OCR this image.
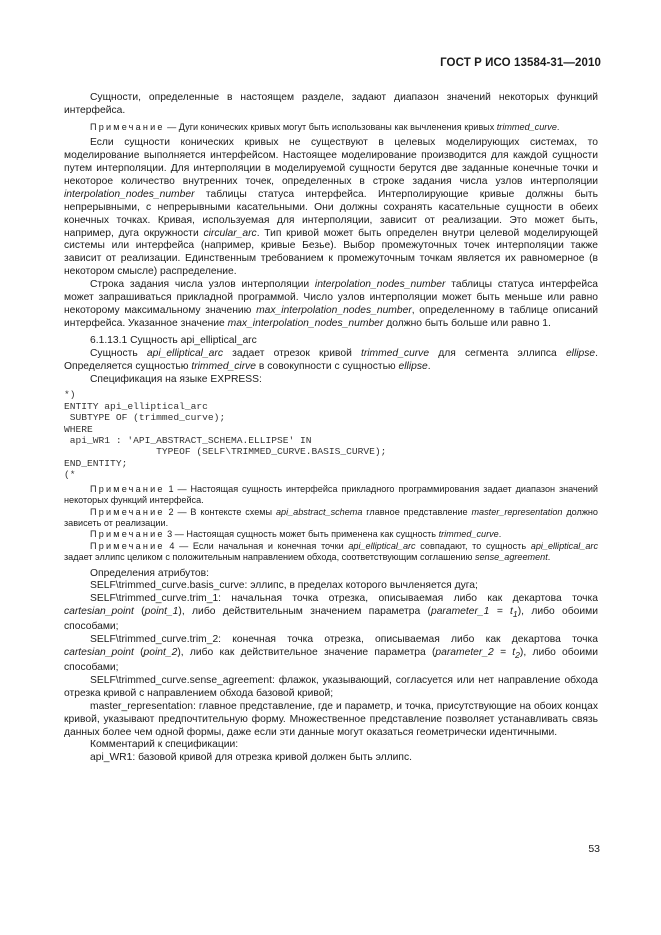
ГОСТ Р ИСО 13584-31—2010

Сущности, определенные в настоящем разделе, задают диапазон значений некоторых функций интерфейса.

Примечание — Дуги конических кривых могут быть использованы как вычленения кривых trimmed_curve.

Если сущности конических кривых не существуют в целевых моделирующих системах, то моделирование выполняется интерфейсом. Настоящее моделирование производится для каждой сущности путем интерполяции. Для интерполяции в моделируемой сущности берутся две заданные конечные точки и некоторое количество внутренних точек, определенных в строке задания числа узлов интерполяции interpolation_nodes_number таблицы статуса интерфейса. Интерполирующие кривые должны быть непрерывными, с непрерывными касательными. Они должны сохранять касательные сущности в обеих конечных точках. Кривая, используемая для интерполяции, зависит от реализации. Это может быть, например, дуга окружности circular_arc. Тип кривой может быть определен внутри целевой моделирующей системы или интерфейса (например, кривые Безье). Выбор промежуточных точек интерполяции также зависит от реализации. Единственным требованием к промежуточным точкам является их равномерное (в некотором смысле) распределение.

Строка задания числа узлов интерполяции interpolation_nodes_number таблицы статуса интерфейса может запрашиваться прикладной программой. Число узлов интерполяции может быть меньше или равно некоторому максимальному значению max_interpolation_nodes_number, определенному в таблице описаний интерфейса. Указанное значение max_interpolation_nodes_number должно быть больше или равно 1.

6.1.13.1 Сущность api_elliptical_arc

Сущность api_elliptical_arc задает отрезок кривой trimmed_curve для сегмента эллипса ellipse. Определяется сущностью trimmed_cirve в совокупности с сущностью ellipse.

Спецификация на языке EXPRESS:

*)
ENTITY api_elliptical_arc
SUBTYPE OF (trimmed_curve);
WHERE
api_WR1 : 'API_ABSTRACT_SCHEMA.ELLIPSE' IN
TYPEOF (SELF\TRIMMED_CURVE.BASIS_CURVE);
END_ENTITY;
(*

Примечание 1 — Настоящая сущность интерфейса прикладного программирования задает диапазон значений некоторых функций интерфейса.

Примечание 2 — В контексте схемы api_abstract_schema главное представление master_representation должно зависеть от реализации.

Примечание 3 — Настоящая сущность может быть применена как сущность trimmed_curve.

Примечание 4 — Если начальная и конечная точки api_elliptical_arc совпадают, то сущность api_elliptical_arc задает эллипс целиком с положительным направлением обхода, соответствующим соглашению sense_agreement.

Определения атрибутов:

SELF\trimmed_curve.basis_curve: эллипс, в пределах которого вычленяется дуга;

SELF\trimmed_curve.trim_1: начальная точка отрезка, описываемая либо как декартова точка cartesian_point (point_1), либо действительным значением параметра (parameter_1 = $t_1$), либо обоими способами;

SELF\trimmed_curve.trim_2: конечная точка отрезка, описываемая либо как декартова точка cartesian_point (point_2), либо как действительное значение параметра (parameter_2 = $t_2$), либо обоими способами;

SELF\trimmed_curve.sense_agreement: флажок, указывающий, согласуется или нет направление обхода отрезка кривой с направлением обхода базовой кривой;

master_representation: главное представление, где и параметр, и точка, присутствующие на обоих концах кривой, указывают предпочтительную форму. Множественное представление позволяет устанавливать связь данных более чем одной формы, даже если эти данные могут оказаться геометрически идентичными.

Комментарий к спецификации:

api_WR1: базовой кривой для отрезка кривой должен быть эллипс.

53
